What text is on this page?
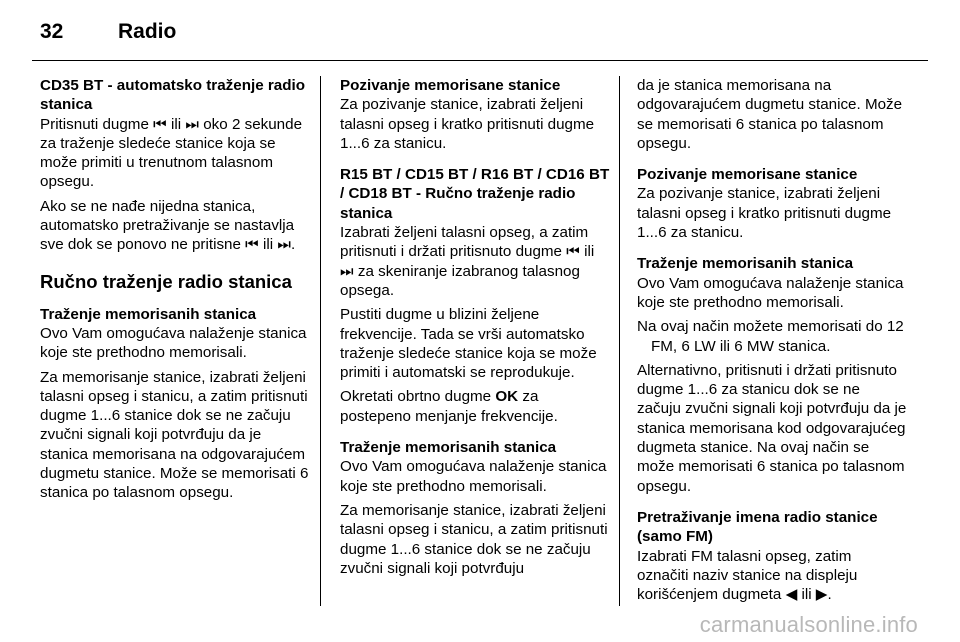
32	Radio

CD35 BT - automatsko traženje radio stanica

Pritisnuti dugme ⏮ ili ⏭ oko 2 sekunde za traženje sledeće stanice koja se može primiti u trenutnom talasnom opsegu.

Ako se ne nađe nijedna stanica, automatsko pretraživanje se nastavlja sve dok se ponovo ne pritisne ⏮ ili ⏭.

Ručno traženje radio stanica

Traženje memorisanih stanica

Ovo Vam omogućava nalaženje stanica koje ste prethodno memorisali.

Za memorisanje stanice, izabrati željeni talasni opseg i stanicu, a zatim pritisnuti dugme 1...6 stanice dok se ne začuju zvučni signali koji potvrđuju da je stanica memorisana na odgovarajućem dugmetu stanice. Može se memorisati 6 stanica po talasnom opsegu.

Pozivanje memorisane stanice

Za pozivanje stanice, izabrati željeni talasni opseg i kratko pritisnuti dugme 1...6 za stanicu.

R15 BT / CD15 BT / R16 BT / CD16 BT / CD18 BT - Ručno traženje radio stanica

Izabrati željeni talasni opseg, a zatim pritisnuti i držati pritisnuto dugme ⏮ ili ⏭ za skeniranje izabranog talasnog opsega.

Pustiti dugme u blizini željene frekvencije. Tada se vrši automatsko traženje sledeće stanice koja se može primiti i automatski se reprodukuje.

Okretati obrtno dugme OK za postepeno menjanje frekvencije.

Traženje memorisanih stanica

Ovo Vam omogućava nalaženje stanica koje ste prethodno memorisali.

Za memorisanje stanice, izabrati željeni talasni opseg i stanicu, a zatim pritisnuti dugme 1...6 stanice dok se ne začuju zvučni signali koji potvrđuju

da je stanica memorisana na odgovarajućem dugmetu stanice. Može se memorisati 6 stanica po talasnom opsegu.

Pozivanje memorisane stanice

Za pozivanje stanice, izabrati željeni talasni opseg i kratko pritisnuti dugme 1...6 za stanicu.

Traženje memorisanih stanica

Ovo Vam omogućava nalaženje stanica koje ste prethodno memorisali.

Na ovaj način možete memorisati do 12 FM, 6 LW ili 6 MW stanica.

Alternativno, pritisnuti i držati pritisnuto dugme 1...6 za stanicu dok se ne začuju zvučni signali koji potvrđuju da je stanica memorisana kod odgovarajućeg dugmeta stanice. Na ovaj način se može memorisati 6 stanica po talasnom opsegu.

Pretraživanje imena radio stanice (samo FM)

Izabrati FM talasni opseg, zatim označiti naziv stanice na displeju korišćenjem dugmeta ◀ ili ▶.

carmanualsonline.info
